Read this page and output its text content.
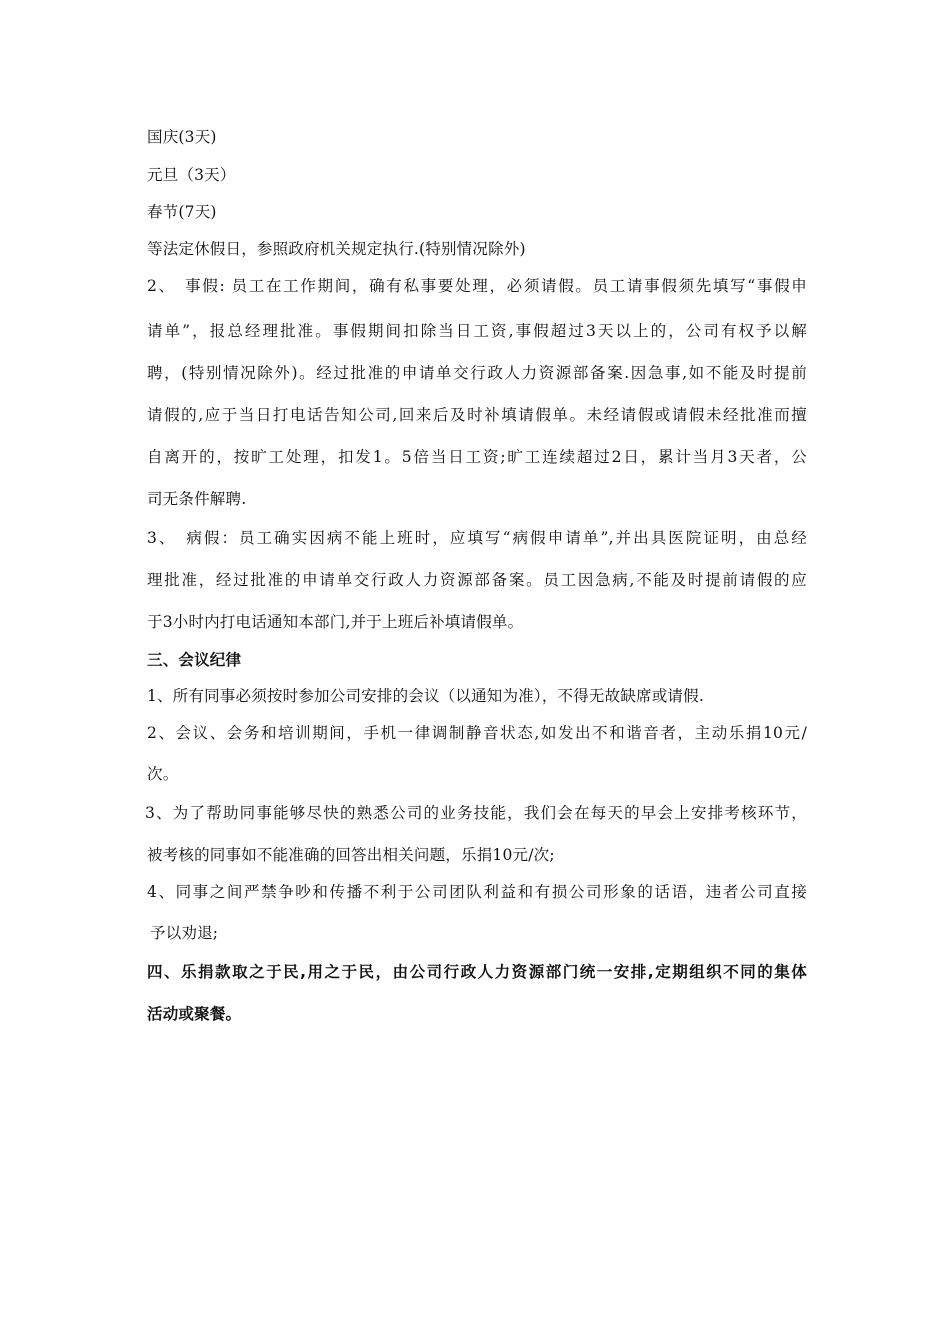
国庆(3天)
元旦（3天）
春节(7天)
等法定休假日，参照政府机关规定执行.(特别情况除外)
2、　事假: 员工在工作期间，确有私事要处理，必须请假。员工请事假须先填写“事假申
请单”，报总经理批准。事假期间扣除当日工资,事假超过3天以上的，公司有权予以解
聘，(特别情况除外)。经过批准的申请单交行政人力资源部备案.因急事,如不能及时提前
请假的,应于当日打电话告知公司,回来后及时补填请假单。未经请假或请假未经批准而擅
自离开的，按旷工处理，扣发1。5倍当日工资;旷工连续超过2日，累计当月3天者，公
司无条件解聘.
3、　病假：员工确实因病不能上班时，应填写“病假申请单”,并出具医院证明，由总经
理批准，经过批准的申请单交行政人力资源部备案。员工因急病,不能及时提前请假的应
于3小时内打电话通知本部门,并于上班后补填请假单。
三、会议纪律
1、所有同事必须按时参加公司安排的会议（以通知为准），不得无故缺席或请假.
2、会议、会务和培训期间，手机一律调制静音状态,如发出不和谐音者，主动乐捐10元/
次。
3、为了帮助同事能够尽快的熟悉公司的业务技能，我们会在每天的早会上安排考核环节，
被考核的同事如不能准确的回答出相关问题，乐捐10元/次;
4、同事之间严禁争吵和传播不利于公司团队利益和有损公司形象的话语，违者公司直接
予以劝退;
四、乐捐款取之于民,用之于民，由公司行政人力资源部门统一安排,定期组织不同的集体
活动或聚餐。
